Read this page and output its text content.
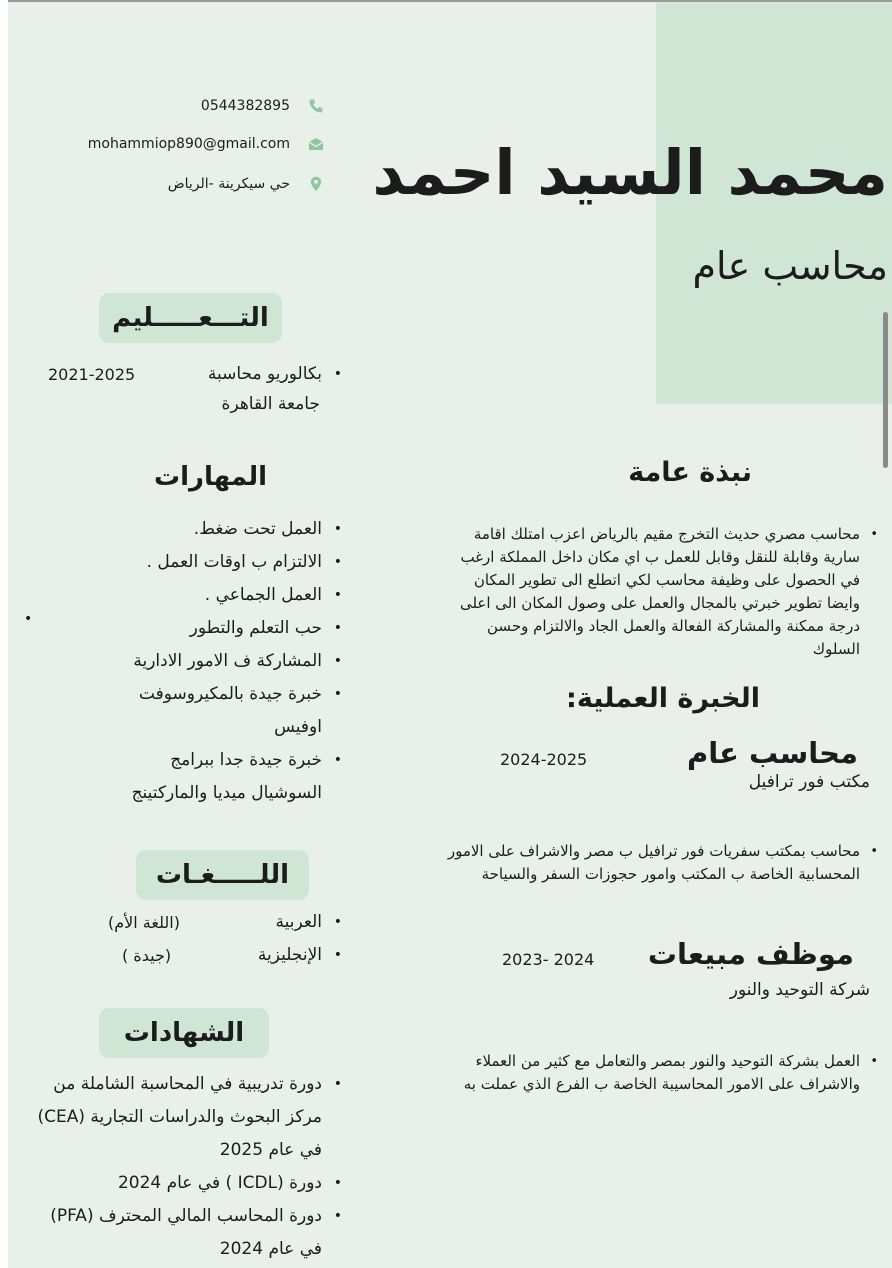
0544382895
mohammiop890@gmail.com
حي سيكرينة -الرياض محمد السيد احمد
محاسب عام
التـــعـــــليم
• بكالوريو محاسبة
2021-2025
جامعة القاهرة
المهارات
• العمل تحت ضغط.
• الالتزام ب اوقات العمل .
• العمل الجماعي .
• حب التعلم والتطور
• المشاركة ف الامور الادارية
• خبرة جيدة بالمكيروسوفت اوفيس
• خبرة جيدة جدا ببرامج السوشيال ميديا والماركتينج
•
اللـــــغـات
• العربية
• الإنجليزية
(اللغة الأم)
(جيدة )
الشهادات
• دورة تدريبية في المحاسبة الشاملة من مركز البحوث والدراسات التجارية (CEA) في عام 2025
• دورة (ICDL ) في عام 2024
• دورة المحاسب المالي المحترف (PFA) في عام 2024
نبذة عامة
• محاسب مصري حديث التخرج مقيم بالرياض اعزب امتلك اقامة سارية وقابلة للنقل وقابل للعمل ب اي مكان داخل المملكة ارغب في الحصول على وظيفة محاسب لكي اتطلع الى تطوير المكان وايضا تطوير خبرتي بالمجال والعمل على وصول المكان الى اعلى درجة ممكنة والمشاركة الفعالة والعمل الجاد والالتزام وحسن السلوك
الخبرة العملية:
محاسب عام
2024-2025
مكتب فور ترافيل
• محاسب بمكتب سفريات فور ترافيل ب مصر والاشراف على الامور المحسابية الخاصة ب المكتب وامور حجوزات السفر والسياحة
موظف مبيعات
2023- 2024
شركة التوحيد والنور
• العمل بشركة التوحيد والنور بمصر والتعامل مع كثير من العملاء والاشراف على الامور المحاسيبة الخاصة ب الفرع الذي عملت به
